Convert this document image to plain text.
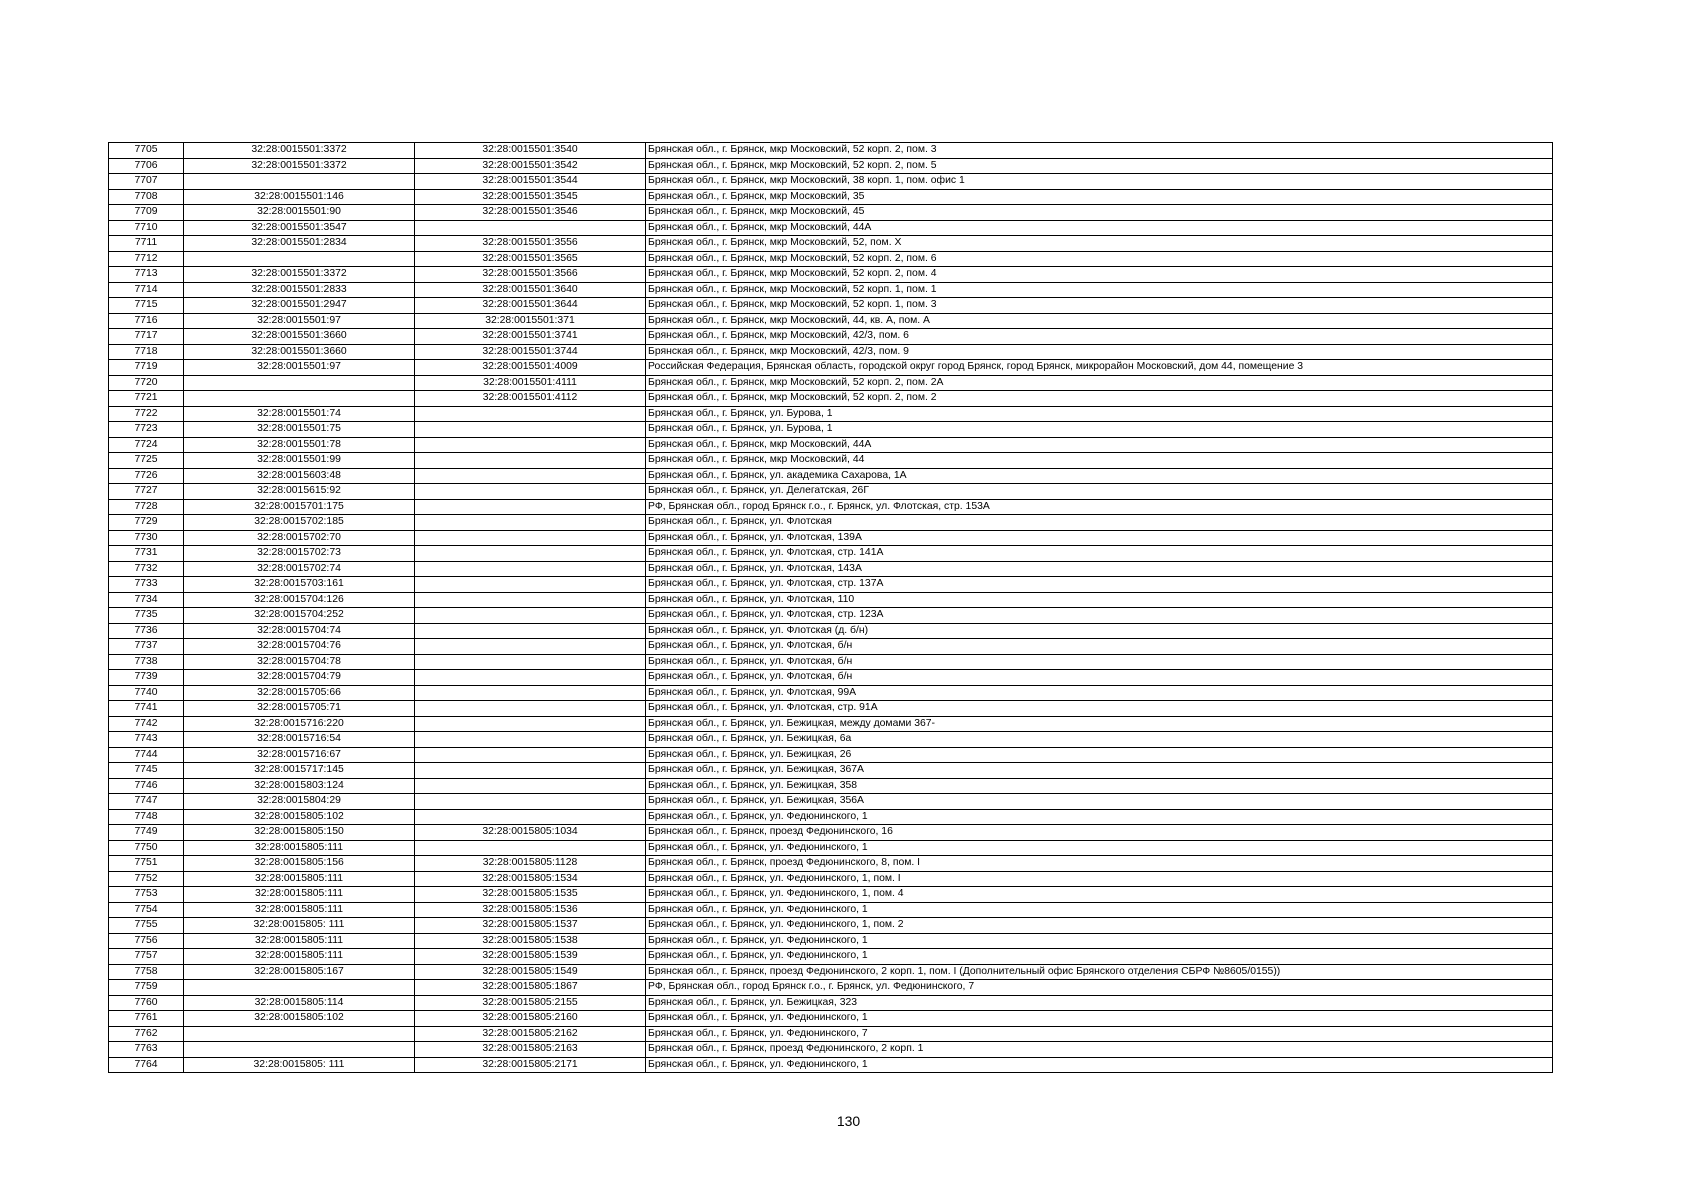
7705	32:28:0015501:3372	32:28:0015501:3540	Брянская обл., г. Брянск, мкр Московский, 52 корп. 2, пом. 3
7706	32:28:0015501:3372	32:28:0015501:3542	Брянская обл., г. Брянск, мкр Московский, 52 корп. 2, пом. 5
7707		32:28:0015501:3544	Брянская обл., г. Брянск, мкр Московский, 38 корп. 1, пом. офис 1
7708	32:28:0015501:146	32:28:0015501:3545	Брянская обл., г. Брянск, мкр Московский, 35
7709	32:28:0015501:90	32:28:0015501:3546	Брянская обл., г. Брянск, мкр Московский, 45
7710	32:28:0015501:3547		Брянская обл., г. Брянск, мкр Московский, 44А
7711	32:28:0015501:2834	32:28:0015501:3556	Брянская обл., г. Брянск, мкр Московский, 52, пом. X
7712		32:28:0015501:3565	Брянская обл., г. Брянск, мкр Московский, 52 корп. 2, пом. 6
7713	32:28:0015501:3372	32:28:0015501:3566	Брянская обл., г. Брянск, мкр Московский, 52 корп. 2, пом. 4
7714	32:28:0015501:2833	32:28:0015501:3640	Брянская обл., г. Брянск, мкр Московский, 52 корп. 1, пом. 1
7715	32:28:0015501:2947	32:28:0015501:3644	Брянская обл., г. Брянск, мкр Московский, 52 корп. 1, пом. 3
7716	32:28:0015501:97	32:28:0015501:371	Брянская обл., г. Брянск, мкр Московский, 44, кв. А, пом. А
7717	32:28:0015501:3660	32:28:0015501:3741	Брянская обл., г. Брянск, мкр Московский, 42/3, пом. 6
7718	32:28:0015501:3660	32:28:0015501:3744	Брянская обл., г. Брянск, мкр Московский, 42/3, пом. 9
7719	32:28:0015501:97	32:28:0015501:4009	Российская Федерация, Брянская область, городской округ город Брянск, город Брянск, микрорайон Московский, дом 44, помещение 3
7720		32:28:0015501:4111	Брянская обл., г. Брянск, мкр Московский, 52 корп. 2, пом. 2А
7721		32:28:0015501:4112	Брянская обл., г. Брянск, мкр Московский, 52 корп. 2, пом. 2
7722	32:28:0015501:74		Брянская обл., г. Брянск, ул. Бурова, 1
7723	32:28:0015501:75		Брянская обл., г. Брянск, ул. Бурова, 1
7724	32:28:0015501:78		Брянская обл., г. Брянск, мкр Московский, 44А
7725	32:28:0015501:99		Брянская обл., г. Брянск, мкр Московский, 44
7726	32:28:0015603:48		Брянская обл., г. Брянск, ул. академика Сахарова, 1А
7727	32:28:0015615:92		Брянская обл., г. Брянск, ул. Делегатская, 26Г
7728	32:28:0015701:175		РФ, Брянская обл., город Брянск г.о., г. Брянск, ул. Флотская, стр. 153А
7729	32:28:0015702:185		Брянская обл., г. Брянск, ул. Флотская
7730	32:28:0015702:70		Брянская обл., г. Брянск, ул. Флотская, 139А
7731	32:28:0015702:73		Брянская обл., г. Брянск, ул. Флотская, стр. 141А
7732	32:28:0015702:74		Брянская обл., г. Брянск, ул. Флотская, 143А
7733	32:28:0015703:161		Брянская обл., г. Брянск, ул. Флотская, стр. 137А
7734	32:28:0015704:126		Брянская обл., г. Брянск, ул. Флотская, 110
7735	32:28:0015704:252		Брянская обл., г. Брянск, ул. Флотская, стр. 123А
7736	32:28:0015704:74		Брянская обл., г. Брянск, ул. Флотская (д. б/н)
7737	32:28:0015704:76		Брянская обл., г. Брянск, ул. Флотская, б/н
7738	32:28:0015704:78		Брянская обл., г. Брянск, ул. Флотская, б/н
7739	32:28:0015704:79		Брянская обл., г. Брянск, ул. Флотская, б/н
7740	32:28:0015705:66		Брянская обл., г. Брянск, ул. Флотская, 99А
7741	32:28:0015705:71		Брянская обл., г. Брянск, ул. Флотская, стр. 91А
7742	32:28:0015716:220		Брянская обл., г. Брянск, ул. Бежицкая, между домами 367-
7743	32:28:0015716:54		Брянская обл., г. Брянск, ул. Бежицкая, 6а
7744	32:28:0015716:67		Брянская обл., г. Брянск, ул. Бежицкая, 26
7745	32:28:0015717:145		Брянская обл., г. Брянск, ул. Бежицкая, 367А
7746	32:28:0015803:124		Брянская обл., г. Брянск, ул. Бежицкая, 358
7747	32:28:0015804:29		Брянская обл., г. Брянск, ул. Бежицкая, 356А
7748	32:28:0015805:102		Брянская обл., г. Брянск, ул. Федюнинского, 1
7749	32:28:0015805:150	32:28:0015805:1034	Брянская обл., г. Брянск, проезд Федюнинского, 16
7750	32:28:0015805:111		Брянская обл., г. Брянск, ул. Федюнинского, 1
7751	32:28:0015805:156	32:28:0015805:1128	Брянская обл., г. Брянск, проезд Федюнинского, 8, пом. I
7752	32:28:0015805:111	32:28:0015805:1534	Брянская обл., г. Брянск, ул. Федюнинского, 1, пом. I
7753	32:28:0015805:111	32:28:0015805:1535	Брянская обл., г. Брянск, ул. Федюнинского, 1, пом. 4
7754	32:28:0015805:111	32:28:0015805:1536	Брянская обл., г. Брянск, ул. Федюнинского, 1
7755	32:28:0015805: 111	32:28:0015805:1537	Брянская обл., г. Брянск, ул. Федюнинского, 1, пом. 2
7756	32:28:0015805:111	32:28:0015805:1538	Брянская обл., г. Брянск, ул. Федюнинского, 1
7757	32:28:0015805:111	32:28:0015805:1539	Брянская обл., г. Брянск, ул. Федюнинского, 1
7758	32:28:0015805:167	32:28:0015805:1549	Брянская обл., г. Брянск, проезд Федюнинского, 2 корп. 1, пом. I (Дополнительный офис Брянского отделения СБРФ №8605/0155))
7759		32:28:0015805:1867	РФ, Брянская обл., город Брянск г.о., г. Брянск, ул. Федюнинского, 7
7760	32:28:0015805:114	32:28:0015805:2155	Брянская обл., г. Брянск, ул. Бежицкая, 323
7761	32:28:0015805:102	32:28:0015805:2160	Брянская обл., г. Брянск, ул. Федюнинского, 1
7762		32:28:0015805:2162	Брянская обл., г. Брянск, ул. Федюнинского, 7
7763		32:28:0015805:2163	Брянская обл., г. Брянск, проезд Федюнинского, 2 корп. 1
7764	32:28:0015805: 111	32:28:0015805:2171	Брянская обл., г. Брянск, ул. Федюнинского, 1
130
